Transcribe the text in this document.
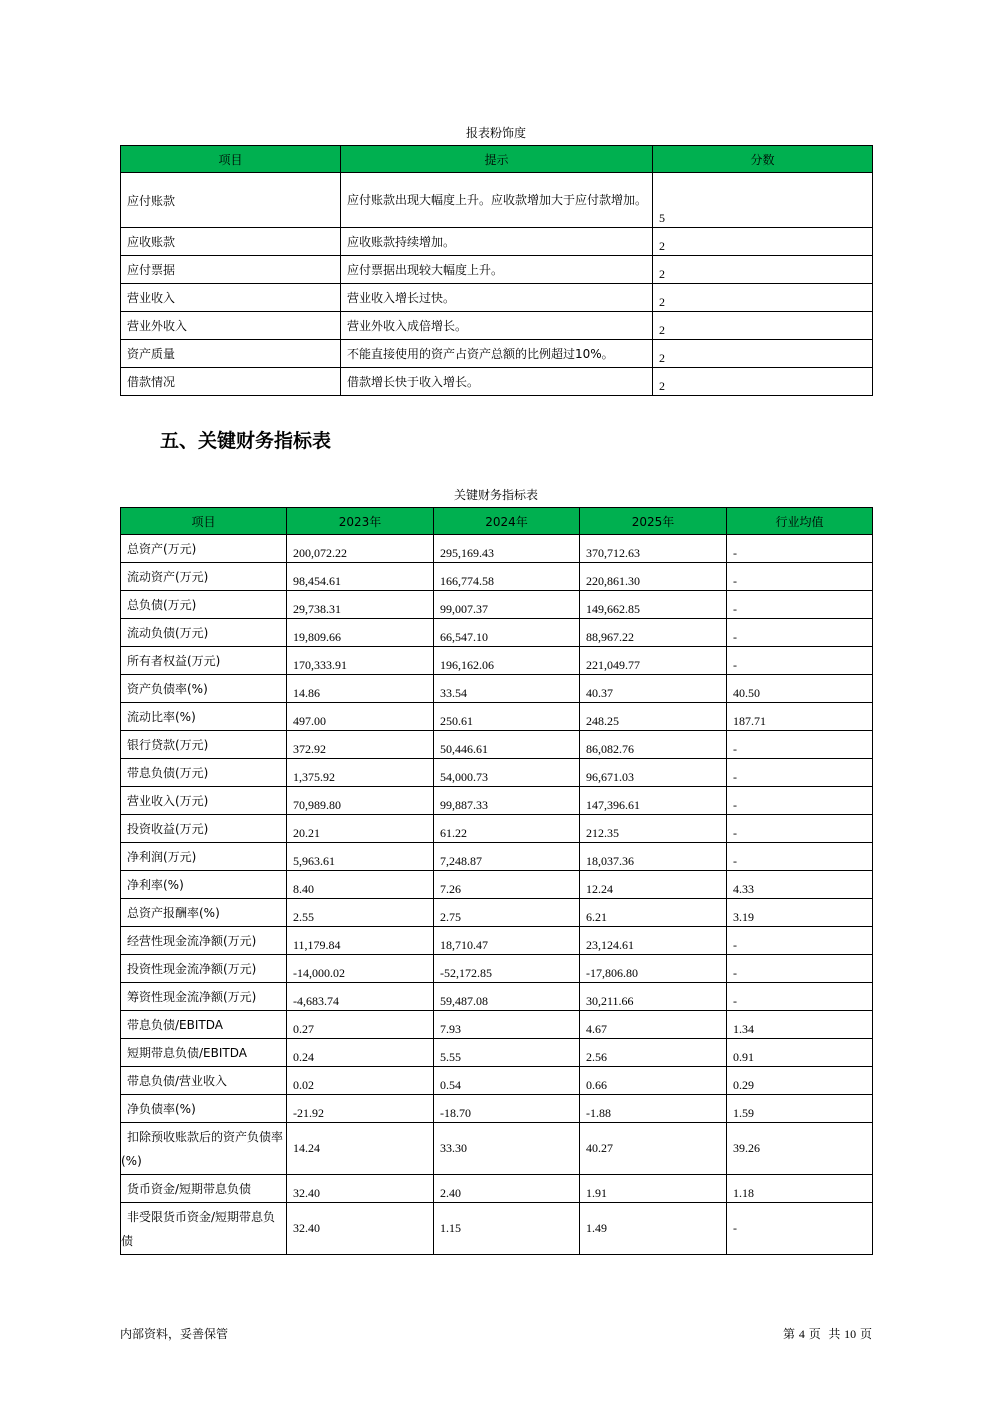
报表粉饰度
项目	提示	分数
应付账款	应付账款出现大幅度上升。应收款增加大于应付款增加。	5
应收账款	应收账款持续增加。	2
应付票据	应付票据出现较大幅度上升。	2
营业收入	营业收入增长过快。	2
营业外收入	营业外收入成倍增长。	2
资产质量	不能直接使用的资产占资产总额的比例超过10%。	2
借款情况	借款增长快于收入增长。	2
五、关键财务指标表
关键财务指标表
项目	2023年	2024年	2025年	行业均值
总资产(万元)	200,072.22	295,169.43	370,712.63	-
流动资产(万元)	98,454.61	166,774.58	220,861.30	-
总负债(万元)	29,738.31	99,007.37	149,662.85	-
流动负债(万元)	19,809.66	66,547.10	88,967.22	-
所有者权益(万元)	170,333.91	196,162.06	221,049.77	-
资产负债率(%)	14.86	33.54	40.37	40.50
流动比率(%)	497.00	250.61	248.25	187.71
银行贷款(万元)	372.92	50,446.61	86,082.76	-
带息负债(万元)	1,375.92	54,000.73	96,671.03	-
营业收入(万元)	70,989.80	99,887.33	147,396.61	-
投资收益(万元)	20.21	61.22	212.35	-
净利润(万元)	5,963.61	7,248.87	18,037.36	-
净利率(%)	8.40	7.26	12.24	4.33
总资产报酬率(%)	2.55	2.75	6.21	3.19
经营性现金流净额(万元)	11,179.84	18,710.47	23,124.61	-
投资性现金流净额(万元)	-14,000.02	-52,172.85	-17,806.80	-
筹资性现金流净额(万元)	-4,683.74	59,487.08	30,211.66	-
带息负债/EBITDA	0.27	7.93	4.67	1.34
短期带息负债/EBITDA	0.24	5.55	2.56	0.91
带息负债/营业收入	0.02	0.54	0.66	0.29
净负债率(%)	-21.92	-18.70	-1.88	1.59
扣除预收账款后的资产负债率(%)	14.24	33.30	40.27	39.26
货币资金/短期带息负债	32.40	2.40	1.91	1.18
非受限货币资金/短期带息负债	32.40	1.15	1.49	-
内部资料，妥善保管	第 4 页  共 10 页
